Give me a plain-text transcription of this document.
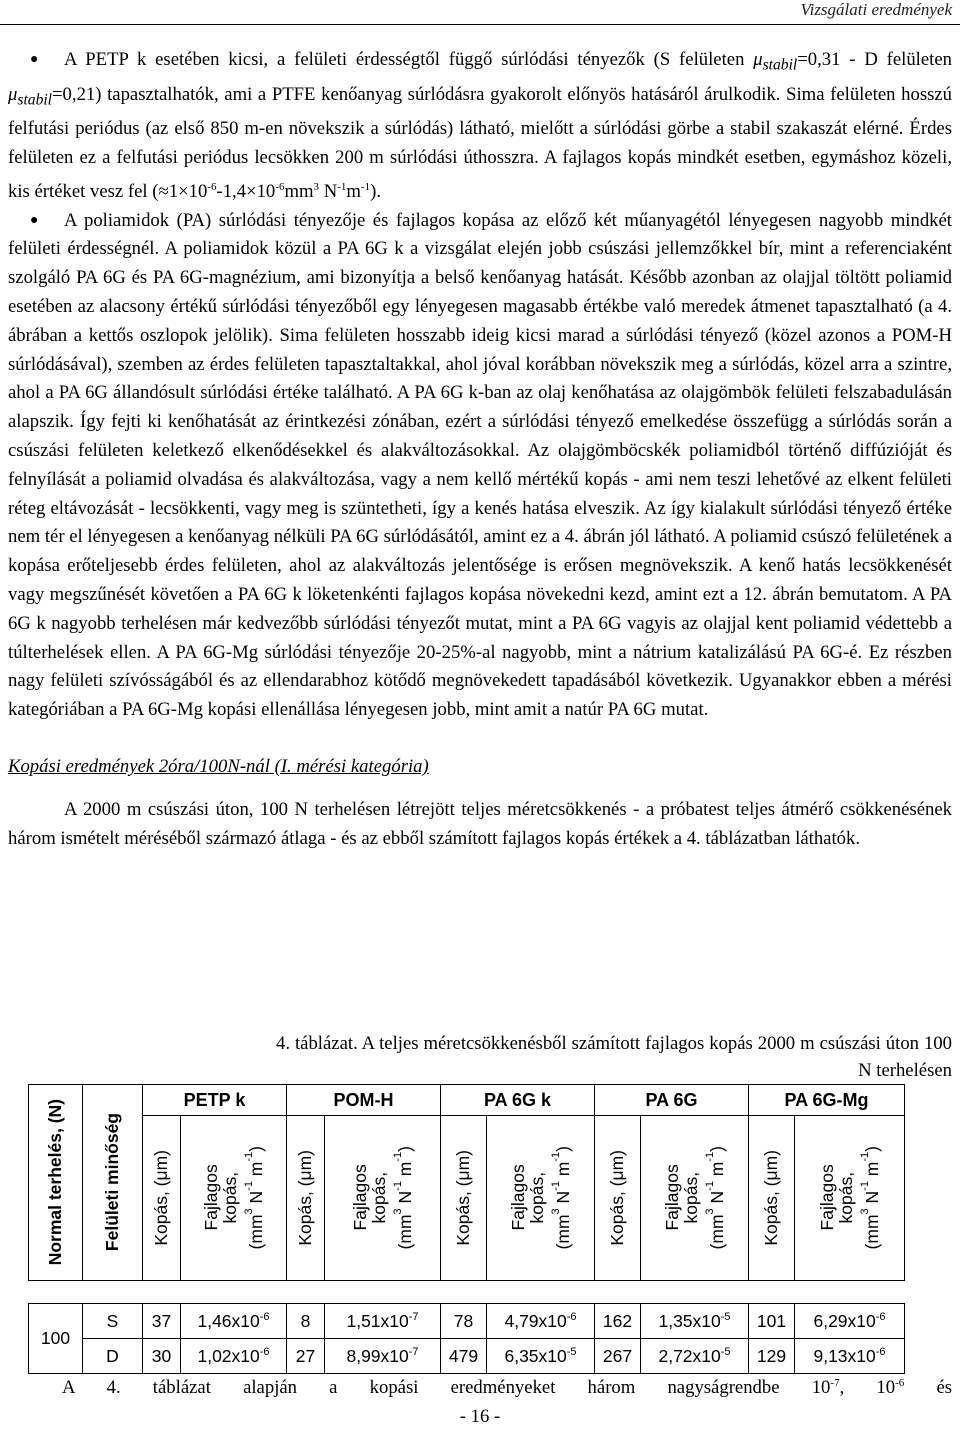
Vizsgálati eredmények
● A PETP k esetében kicsi, a felületi érdességtől függő súrlódási tényezők (S felületen $\mu_{stabil}=0,31 - D$ felületen $\mu_{stabil}=0,21$) tapasztalhatók, ami a PTFE kenőanyag súrlódásra gyakorolt előnyös hatásáról árulkodik. Sima felületen hosszú felfutási periódus (az első 850 m-en növekszik a súrlódás) látható, mielőtt a súrlódási görbe a stabil szakaszát elérné. Érdes felületen ez a felfutási periódus lecsökken 200 m súrlódási úthosszra. A fajlagos kopás mindkét esetben, egymáshoz közeli, kis értéket vesz fel ($\approx 1\times 10^{-6}-1,4\times 10^{-6}mm^3$ $N^{-1}m^{-1}$).
● A poliamidok (PA) súrlódási tényezője és fajlagos kopása az előző két műanyagétól lényegesen nagyobb mindkét felületi érdességnél. A poliamidok közül a PA 6G k a vizsgálat elején jobb csúszási jellemzőkkel bír, mint a referenciaként szolgáló PA 6G és PA 6G-magnézium, ami bizonyítja a belső kenőanyag hatását. Később azonban az olajjal töltött poliamid esetében az alacsony értékű súrlódási tényezőből egy lényegesen magasabb értékbe való meredek átmenet tapasztalható (a 4. ábrában a kettős oszlopok jelölik). Sima felületen hosszabb ideig kicsi marad a súrlódási tényező (közel azonos a POM-H súrlódásával), szemben az érdes felületen tapasztaltakkal, ahol jóval korábban növekszik meg a súrlódás, közel arra a szintre, ahol a PA 6G állandósult súrlódási értéke található. A PA 6G k-ban az olaj kenőhatása az olajgömbök felületi felszabadulásán alapszik. Így fejti ki kenőhatását az érintkezési zónában, ezért a súrlódási tényező emelkedése összefügg a súrlódás során a csúszási felületen keletkező elkenődésekkel és alakváltozásokkal. Az olajgömböcskék poliamidból történő diffúzióját és felnyílását a poliamid olvadása és alakváltozása, vagy a nem kellő mértékű kopás - ami nem teszi lehetővé az elkent felületi réteg eltávozását - lecsökkenti, vagy meg is szüntetheti, így a kenés hatása elveszik. Az így kialakult súrlódási tényező értéke nem tér el lényegesen a kenőanyag nélküli PA 6G súrlódásától, amint ez a 4. ábrán jól látható. A poliamid csúszó felületének a kopása erőteljesebb érdes felületen, ahol az alakváltozás jelentősége is erősen megnövekszik. A kenő hatás lecsökkenését vagy megszűnését követően a PA 6G k löketenkénti fajlagos kopása növekedni kezd, amint ezt a 12. ábrán bemutatom. A PA 6G k nagyobb terhelésen már kedvezőbb súrlódási tényezőt mutat, mint a PA 6G vagyis az olajjal kent poliamid védettebb a túlterhelések ellen. A PA 6G-Mg súrlódási tényezője 20-25%-al nagyobb, mint a nátrium katalizálású PA 6G-é. Ez részben nagy felületi szívósságából és az ellendarabhoz kötődő megnövekedett tapadásából következik. Ugyanakkor ebben a mérési kategóriában a PA 6G-Mg kopási ellenállása lényegesen jobb, mint amit a natúr PA 6G mutat.

Kopási eredmények 2óra/100N-nál (I. mérési kategória)

A 2000 m csúszási úton, 100 N terhelésen létrejött teljes méretcsökkenés - a próbatest teljes átmérő csökkenésének három ismételt méréséből származó átlaga - és az ebből számított fajlagos kopás értékek a 4. táblázatban láthatók.

4. táblázat. A teljes méretcsökkenésből számított fajlagos kopás 2000 m csúszási úton 100 N terhelésen
Normal terhelés, (N)	Felületi minőség	PETP k		POM-H		PA 6G k		PA 6G		PA 6G-Mg	

		Kopás, (μm)	Fajlagos
kopás,
($mm^3$ $N^{-1}$ $m^{-1}$)	Kopás, (μm)	Fajlagos
kopás,
($mm^3$ $N^{-1}$ $m^{-1}$)	Kopás, (μm)	Fajlagos
kopás,
($mm^3$ $N^{-1}$ $m^{-1}$)	Kopás, (μm)	Fajlagos
kopás,
($mm^3$ $N^{-1}$ $m^{-1}$)	Kopás, (μm)	Fajlagos
kopás,
($mm^3$ $N^{-1}$ $m^{-1}$)

100	S	37	$1,46x10^{-6}$	8	$1,51x10^{-7}$	78	$4,79x10^{-6}$	162	$1,35x10^{-5}$	101	$6,29x10^{-6}$
	D	30	$1,02x10^{-6}$	27	$8,99x10^{-7}$	479	$6,35x10^{-5}$	267	$2,72x10^{-5}$	129	$9,13x10^{-6}$
A 4. táblázat alapján a kopási eredményeket három nagyságrendbe $10^{-7}$, $10^{-6}$ és
- 16 -
